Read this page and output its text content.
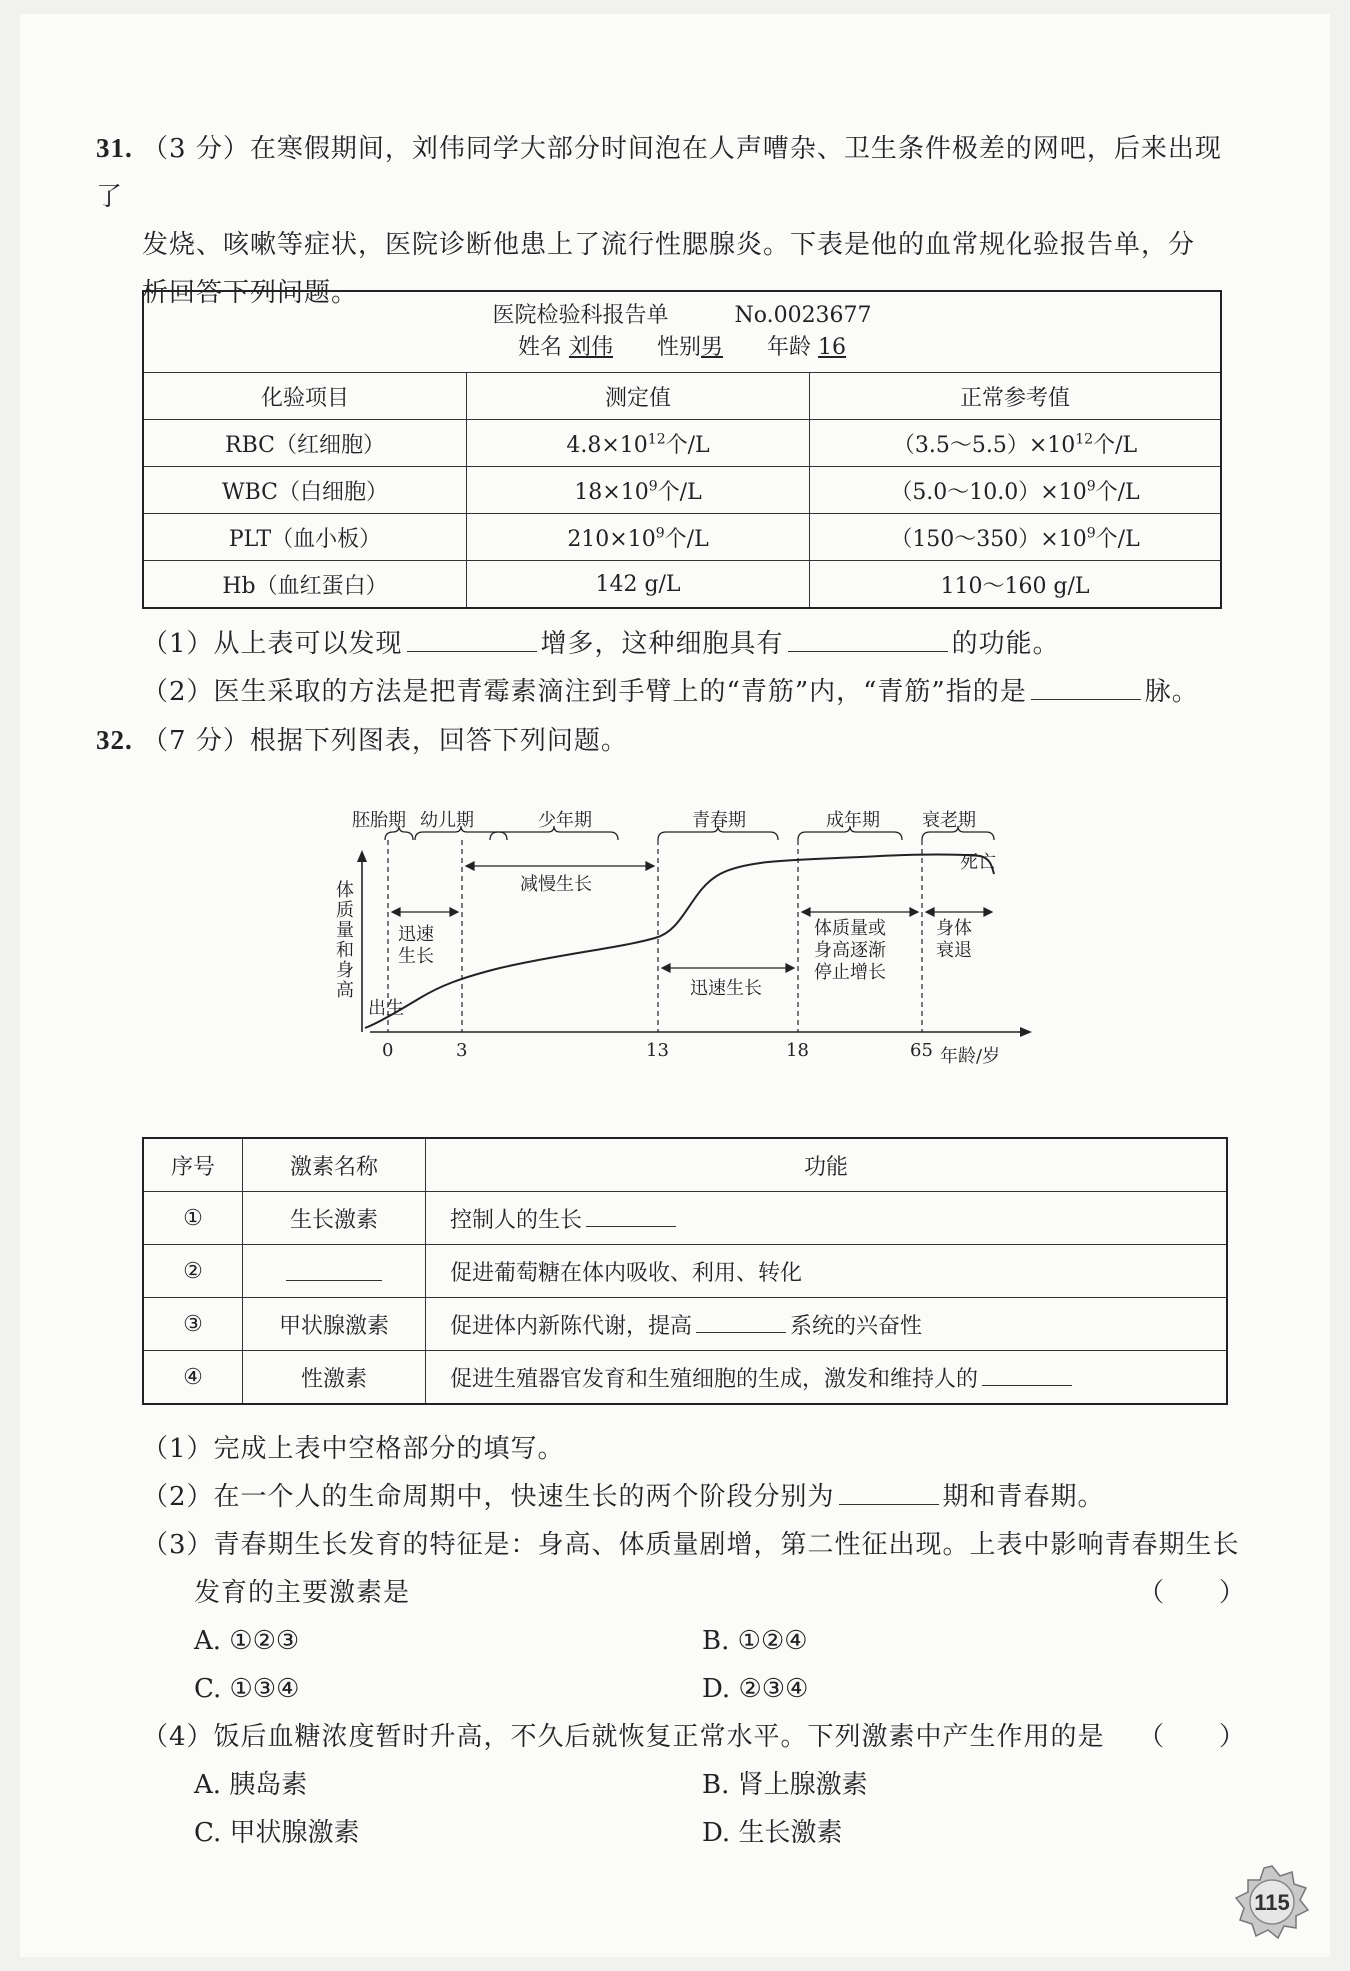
31. （3 分）在寒假期间，刘伟同学大部分时间泡在人声嘈杂、卫生条件极差的网吧，后来出现了
发烧、咳嗽等症状，医院诊断他患上了流行性腮腺炎。下表是他的血常规化验报告单，分
析回答下列问题。
医院检验科报告单　　　 No.0023677
姓名 刘伟　　 性别男　　 年龄 16		

化验项目	测定值	正常参考值
RBC（红细胞）	$4.8\times 10^{12}$个/L	$(3.5\sim 5.5)\times 10^{12}$个/L
WBC（白细胞）	$18\times 10^9$个/L	$(5.0\sim 10.0)\times 10^9$个/L
PLT（血小板）	$210\times 10^9$个/L	$(150\sim 350)\times 10^9$个/L
Hb（血红蛋白）	142 g/L	110～160 g/L
（1）从上表可以发现	增多，这种细胞具有	的功能。
（2）医生采取的方法是把青霉素滴注到手臂上的“青筋”内，“青筋”指的是	脉。
32. （7 分）根据下列图表，回答下列问题。
胚胎期 幼儿期	少年期	青春期	成年期 衰老期
迅速
生长
减慢生长
迅速生长
体质量或
身高逐渐
停止增长
身体
衰退
死亡
出生
体
质
量
和
身
高
0	3	13	18	65 年龄/岁
序号	激素名称	功能
①	生长激素	控制人的生长
②		促进葡萄糖在体内吸收、利用、转化
③	甲状腺激素	促进体内新陈代谢，提高 系统的兴奋性
④	性激素	促进生殖器官发育和生殖细胞的生成，激发和维持人的
（1）完成上表中空格部分的填写。
（2）在一个人的生命周期中，快速生长的两个阶段分别为	期和青春期。
（3）青春期生长发育的特征是：身高、体质量剧增，第二性征出现。上表中影响青春期生长
发育的主要激素是	（　　）
A. ①②③	B. ①②④
C. ①③④	D. ②③④
（4）饭后血糖浓度暂时升高，不久后就恢复正常水平。下列激素中产生作用的是 （　　）
A. 胰岛素	B. 肾上腺激素
C. 甲状腺激素	D. 生长激素
115
